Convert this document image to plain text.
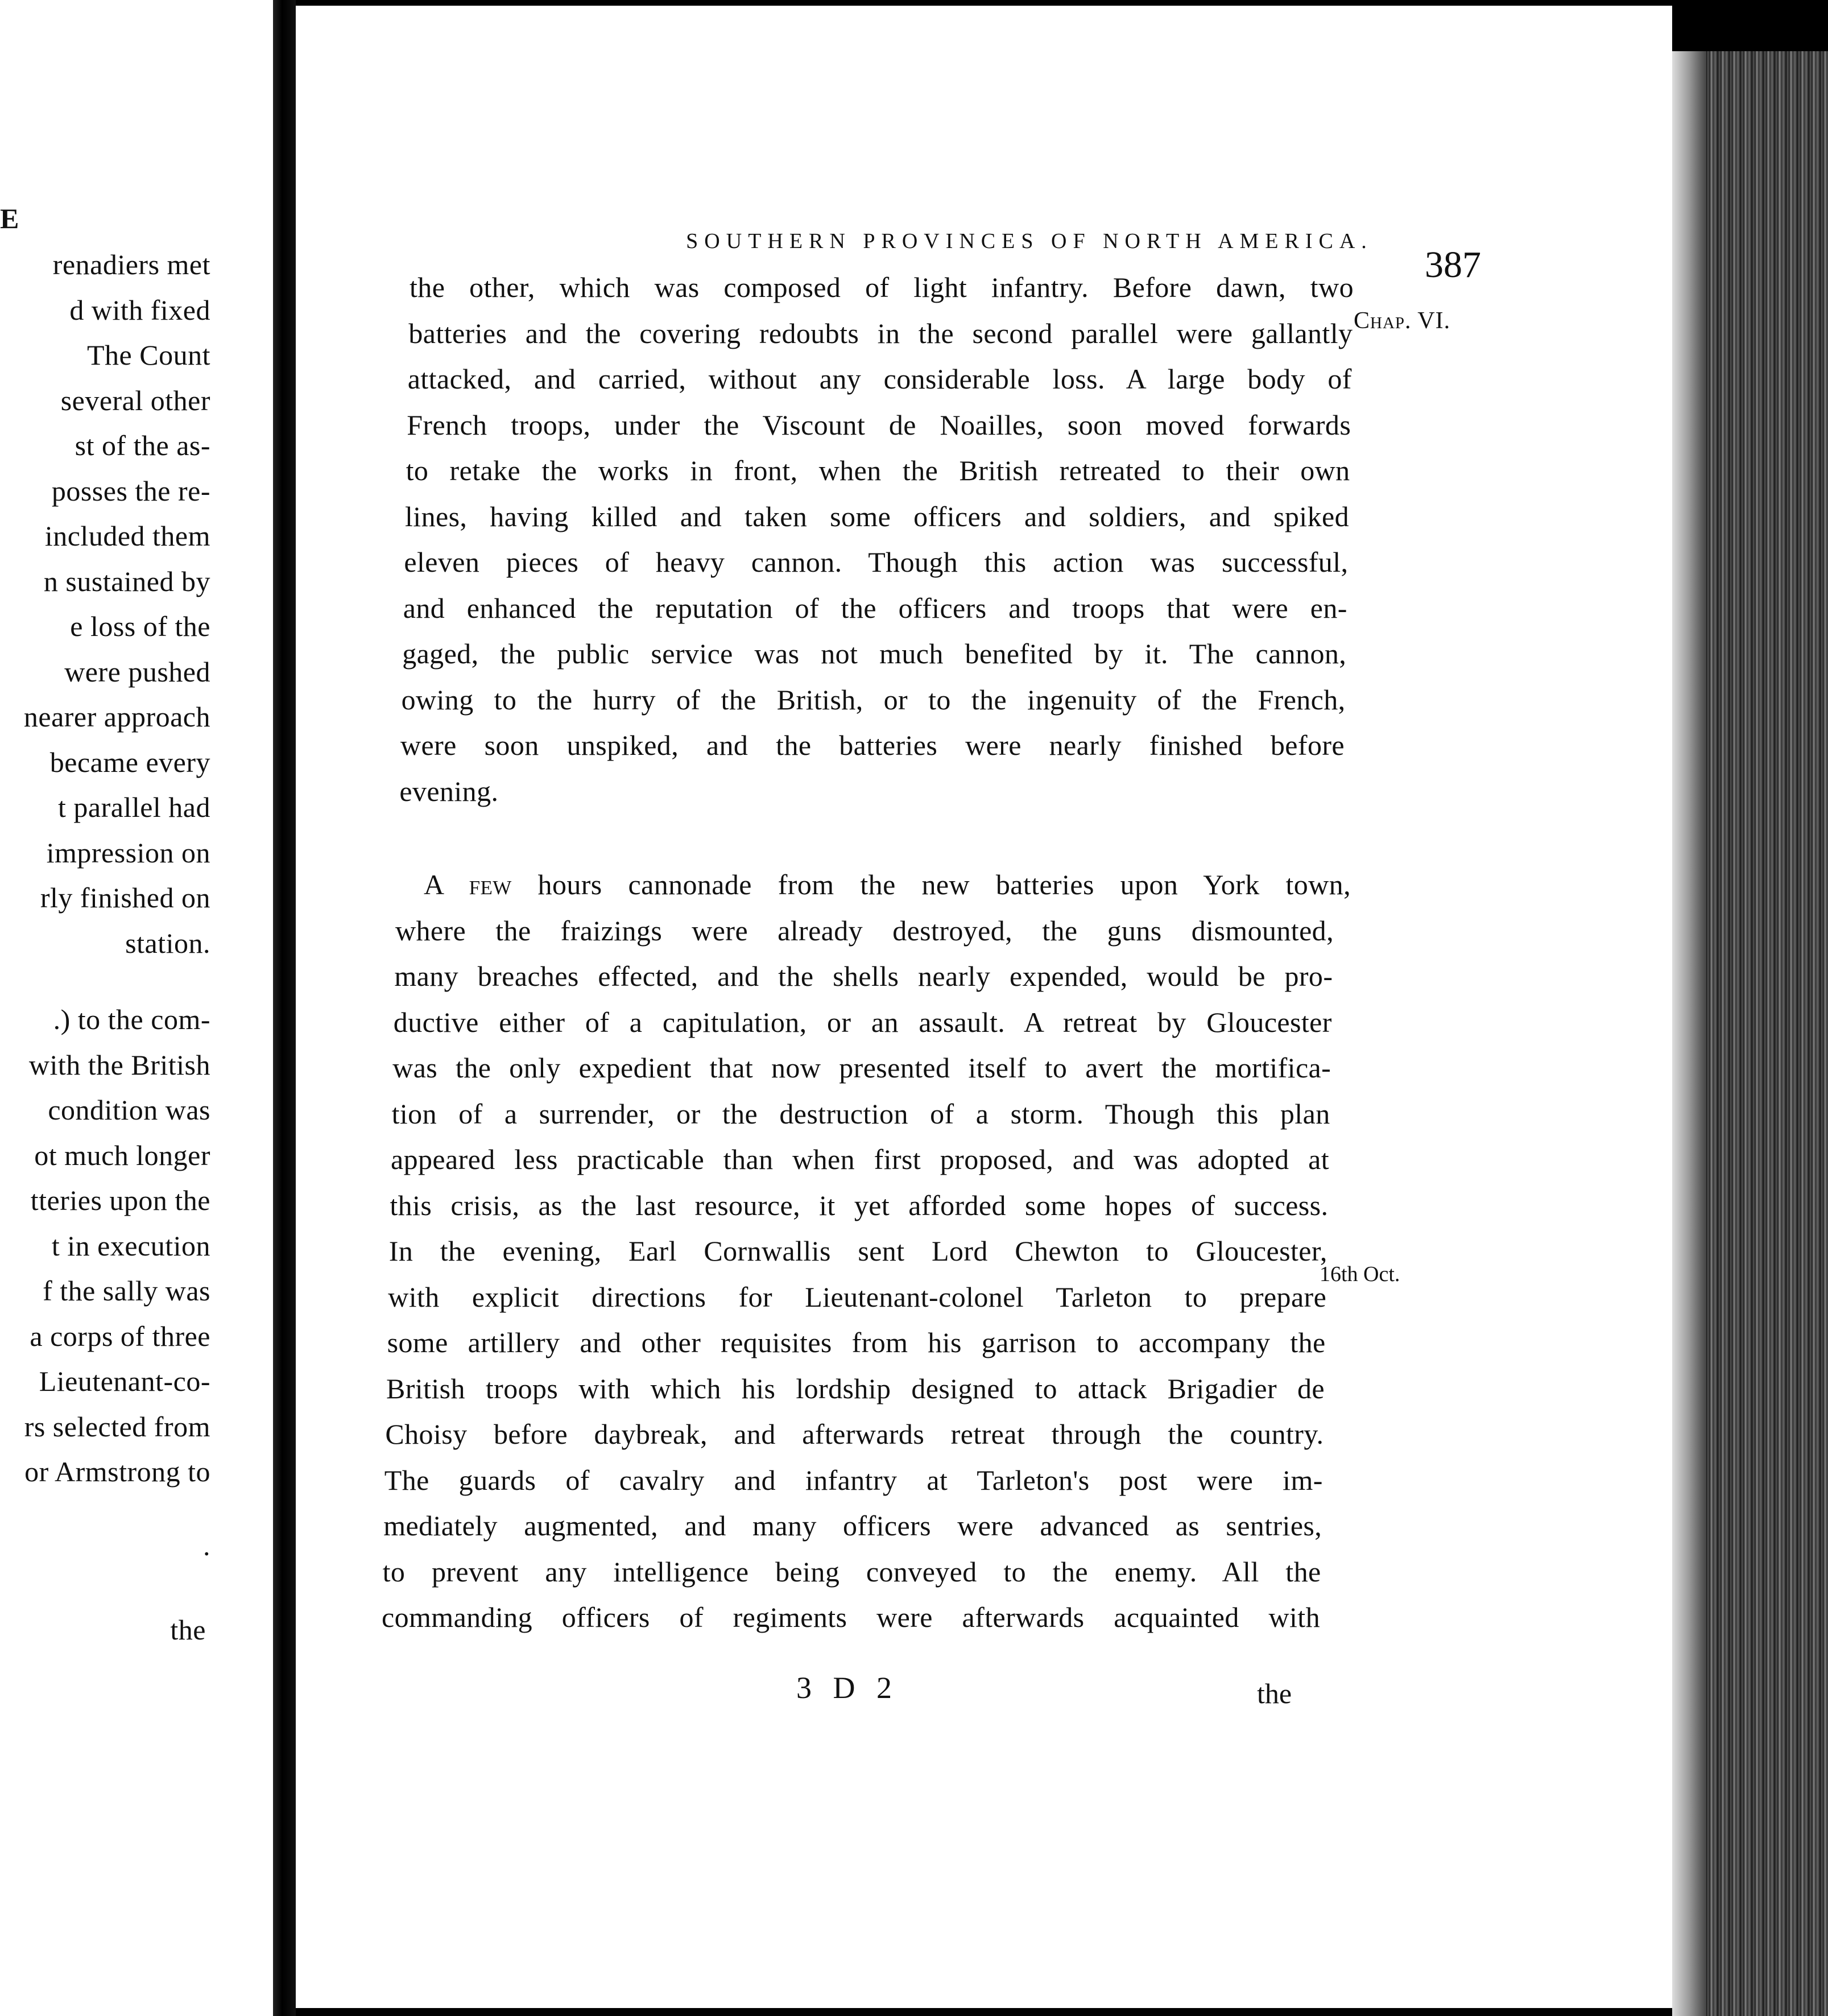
E
renadiers met
d with fixed
The Count
several other
st of the as-
posses the re-
included them
n sustained by
e loss of the
were pushed
nearer approach
became every
t parallel had
impression on
rly finished on
station.
.) to the com-
with the British
condition was
ot much longer
tteries upon the
t in execution
f the sally was
a corps of three
Lieutenant-co-
rs selected from
or Armstrong to
.
the
SOUTHERN PROVINCES OF NORTH AMERICA.
387
Chap. VI.
16th Oct.
the other, which was composed of light infantry. Before dawn, two
batteries and the covering redoubts in the second parallel were gallantly
attacked, and carried, without any considerable loss. A large body of
French troops, under the Viscount de Noailles, soon moved forwards
to retake the works in front, when the British retreated to their own
lines, having killed and taken some officers and soldiers, and spiked
eleven pieces of heavy cannon. Though this action was successful,
and enhanced the reputation of the officers and troops that were en-
gaged, the public service was not much benefited by it. The cannon,
owing to the hurry of the British, or to the ingenuity of the French,
were soon unspiked, and the batteries were nearly finished before
evening.
A few hours cannonade from the new batteries upon York town,
where the fraizings were already destroyed, the guns dismounted,
many breaches effected, and the shells nearly expended, would be pro-
ductive either of a capitulation, or an assault. A retreat by Gloucester
was the only expedient that now presented itself to avert the mortifica-
tion of a surrender, or the destruction of a storm. Though this plan
appeared less practicable than when first proposed, and was adopted at
this crisis, as the last resource, it yet afforded some hopes of success.
In the evening, Earl Cornwallis sent Lord Chewton to Gloucester,
with explicit directions for Lieutenant-colonel Tarleton to prepare
some artillery and other requisites from his garrison to accompany the
British troops with which his lordship designed to attack Brigadier de
Choisy before daybreak, and afterwards retreat through the country.
The guards of cavalry and infantry at Tarleton's post were im-
mediately augmented, and many officers were advanced as sentries,
to prevent any intelligence being conveyed to the enemy. All the
commanding officers of regiments were afterwards acquainted with
3 D 2	the
